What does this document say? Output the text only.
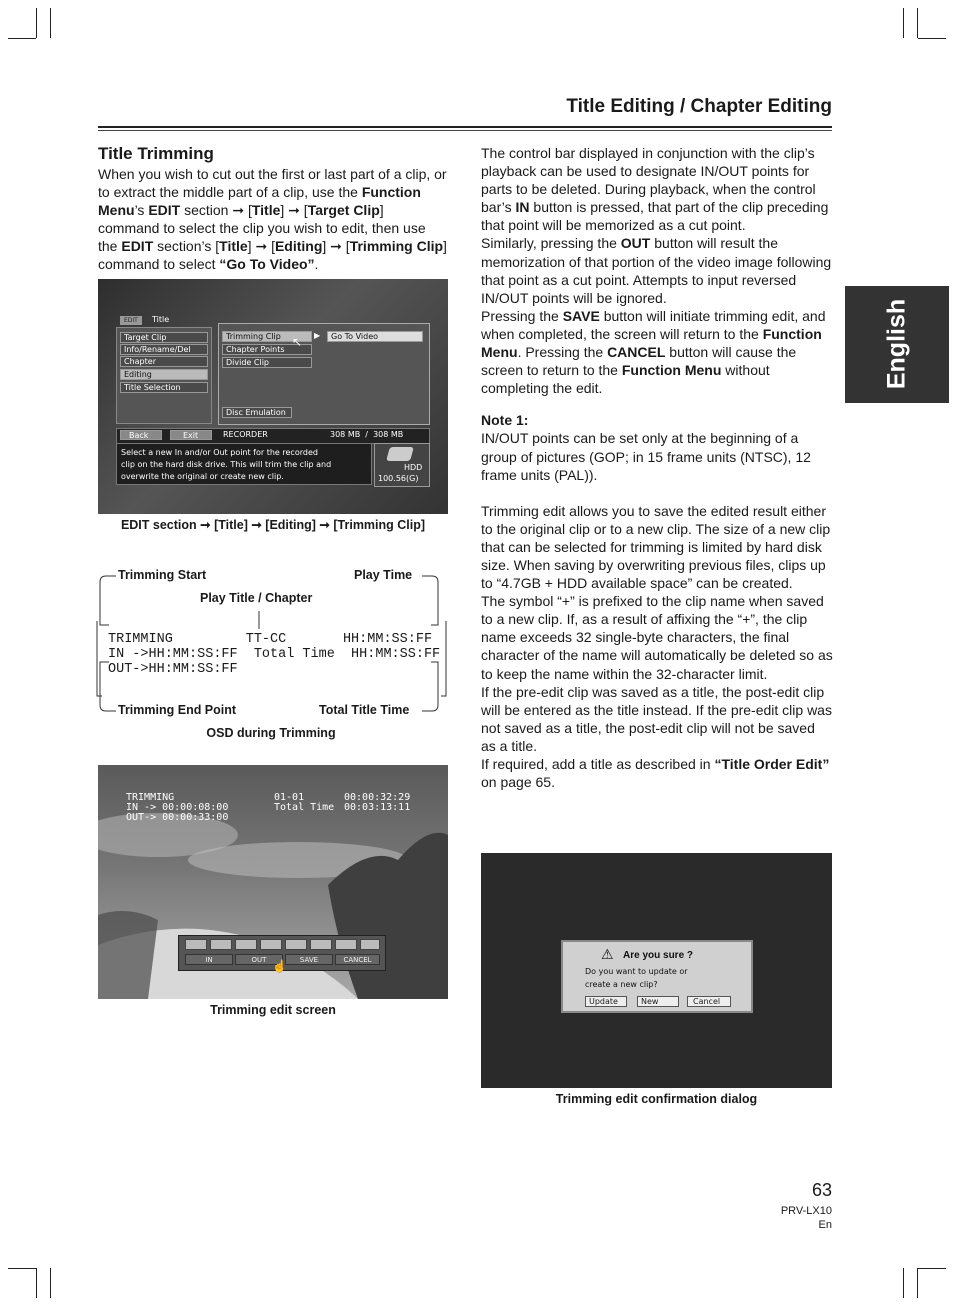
Title Editing / Chapter Editing
English
Title Trimming
When you wish to cut out the first or last part of a clip, or to extract the middle part of a clip, use the Function Menu’s EDIT section ➞ [Title] ➞ [Target Clip] command to select the clip you wish to edit, then use the EDIT section’s [Title] ➞ [Editing] ➞ [Trimming Clip] command to select “Go To Video”.
EDIT	Title
Target Clip
Info/Rename/Del
Chapter
Editing
Title Selection
Trimming Clip
Chapter Points
Divide Clip
▶	Go To Video
Disc Emulation
↖
Back	Exit	RECORDER	308 MB  /  308 MB
Select a new In and/or Out point for the recorded
clip on the hard disk drive. This will trim the clip and
overwrite the original or create new clip.
HDD
100.56(G)
EDIT section ➞ [Title] ➞ [Editing] ➞ [Trimming Clip]
Trimming Start	Play Time
Play Title / Chapter
TRIMMING         TT-CC       HH:MM:SS:FF
IN ->HH:MM:SS:FF  Total Time  HH:MM:SS:FF
OUT->HH:MM:SS:FF
Trimming End Point	Total Title Time
OSD during Trimming
TRIMMING	01-01	00:00:32:29
IN -> 00:00:08:00	Total Time 00:03:13:11
OUT-> 00:00:33:00
IN	OUT	SAVE	CANCEL
☝
Trimming edit screen

The control bar displayed in conjunction with the clip’s playback can be used to designate IN/OUT points for parts to be deleted. During playback, when the control bar’s IN button is pressed, that part of the clip preceding that point will be memorized as a cut point.

Similarly, pressing the OUT button will result the memorization of that portion of the video image following that point as a cut point. Attempts to input reversed IN/OUT points will be ignored.

Pressing the SAVE button will initiate trimming edit, and when completed, the screen will return to the Function Menu. Pressing the CANCEL button will cause the screen to return to the Function Menu without completing the edit.

Note 1:

IN/OUT points can be set only at the beginning of a group of pictures (GOP; in 15 frame units (NTSC), 12 frame units (PAL)).

Trimming edit allows you to save the edited result either to the original clip or to a new clip. The size of a new clip that can be selected for trimming is limited by hard disk size. When saving by overwriting previous files, clips up to “4.7GB + HDD available space” can be created.

The symbol “+” is prefixed to the clip name when saved to a new clip. If, as a result of affixing the “+”, the clip name exceeds 32 single-byte characters, the final character of the name will automatically be deleted so as to keep the name within the 32-character limit.

If the pre-edit clip was saved as a title, the post-edit clip will be entered as the title instead. If the pre-edit clip was not saved as a title, the post-edit clip will not be saved as a title.

If required, add a title as described in “Title Order Edit” on page 65.

⚠ Are you sure ?
Do you want to update or
create a new clip?
Update	New	Cancel
Trimming edit confirmation dialog
63
PRV-LX10
En
